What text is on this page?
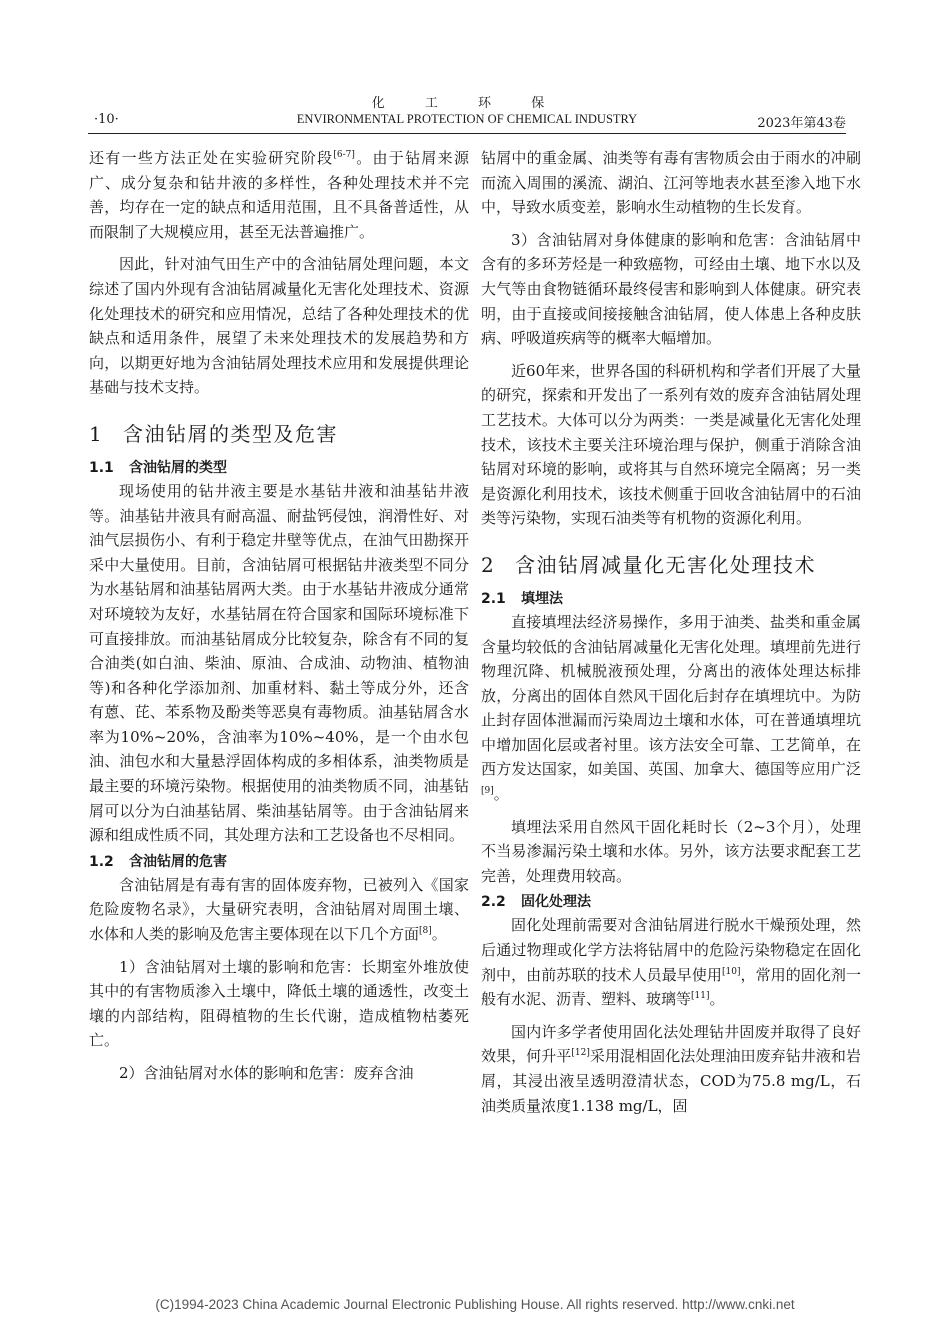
化 工 环 保
·10·	ENVIRONMENTAL PROTECTION OF CHEMICAL INDUSTRY	2023年第43卷

还有一些方法正处在实验研究阶段[6-7]。由于钻屑来源广、成分复杂和钻井液的多样性，各种处理技术并不完善，均存在一定的缺点和适用范围，且不具备普适性，从而限制了大规模应用，甚至无法普遍推广。

因此，针对油气田生产中的含油钻屑处理问题，本文综述了国内外现有含油钻屑减量化无害化处理技术、资源化处理技术的研究和应用情况，总结了各种处理技术的优缺点和适用条件，展望了未来处理技术的发展趋势和方向，以期更好地为含油钻屑处理技术应用和发展提供理论基础与技术支持。

1 含油钻屑的类型及危害
1.1 含油钻屑的类型

现场使用的钻井液主要是水基钻井液和油基钻井液等。油基钻井液具有耐高温、耐盐钙侵蚀，润滑性好、对油气层损伤小、有利于稳定井壁等优点，在油气田勘探开采中大量使用。目前，含油钻屑可根据钻井液类型不同分为水基钻屑和油基钻屑两大类。由于水基钻井液成分通常对环境较为友好，水基钻屑在符合国家和国际环境标准下可直接排放。而油基钻屑成分比较复杂，除含有不同的复合油类(如白油、柴油、原油、合成油、动物油、植物油等)和各种化学添加剂、加重材料、黏土等成分外，还含有蒽、芘、苯系物及酚类等恶臭有毒物质。油基钻屑含水率为10%~20%，含油率为10%~40%，是一个由水包油、油包水和大量悬浮固体构成的多相体系，油类物质是最主要的环境污染物。根据使用的油类物质不同，油基钻屑可以分为白油基钻屑、柴油基钻屑等。由于含油钻屑来源和组成性质不同，其处理方法和工艺设备也不尽相同。

1.2 含油钻屑的危害

含油钻屑是有毒有害的固体废弃物，已被列入《国家危险废物名录》，大量研究表明，含油钻屑对周围土壤、水体和人类的影响及危害主要体现在以下几个方面[8]。

1）含油钻屑对土壤的影响和危害：长期室外堆放使其中的有害物质渗入土壤中，降低土壤的通透性，改变土壤的内部结构，阻碍植物的生长代谢，造成植物枯萎死亡。

2）含油钻屑对水体的影响和危害：废弃含油

钻屑中的重金属、油类等有毒有害物质会由于雨水的冲刷而流入周围的溪流、湖泊、江河等地表水甚至渗入地下水中，导致水质变差，影响水生动植物的生长发育。

3）含油钻屑对身体健康的影响和危害：含油钻屑中含有的多环芳烃是一种致癌物，可经由土壤、地下水以及大气等由食物链循环最终侵害和影响到人体健康。研究表明，由于直接或间接接触含油钻屑，使人体患上各种皮肤病、呼吸道疾病等的概率大幅增加。

近60年来，世界各国的科研机构和学者们开展了大量的研究，探索和开发出了一系列有效的废弃含油钻屑处理工艺技术。大体可以分为两类：一类是减量化无害化处理技术，该技术主要关注环境治理与保护，侧重于消除含油钻屑对环境的影响，或将其与自然环境完全隔离；另一类是资源化利用技术，该技术侧重于回收含油钻屑中的石油类等污染物，实现石油类等有机物的资源化利用。

2 含油钻屑减量化无害化处理技术
2.1 填埋法

直接填埋法经济易操作，多用于油类、盐类和重金属含量均较低的含油钻屑减量化无害化处理。填埋前先进行物理沉降、机械脱液预处理，分离出的液体处理达标排放，分离出的固体自然风干固化后封存在填埋坑中。为防止封存固体泄漏而污染周边土壤和水体，可在普通填埋坑中增加固化层或者衬里。该方法安全可靠、工艺简单，在西方发达国家，如美国、英国、加拿大、德国等应用广泛[9]。

填埋法采用自然风干固化耗时长（2~3个月），处理不当易渗漏污染土壤和水体。另外，该方法要求配套工艺完善，处理费用较高。

2.2 固化处理法

固化处理前需要对含油钻屑进行脱水干燥预处理，然后通过物理或化学方法将钻屑中的危险污染物稳定在固化剂中，由前苏联的技术人员最早使用[10]，常用的固化剂一般有水泥、沥青、塑料、玻璃等[11]。

国内许多学者使用固化法处理钻井固废并取得了良好效果，何升平[12]采用混相固化法处理油田废弃钻井液和岩屑，其浸出液呈透明澄清状态，COD为75.8 mg/L，石油类质量浓度1.138 mg/L，固

(C)1994-2023 China Academic Journal Electronic Publishing House. All rights reserved. http://www.cnki.net
